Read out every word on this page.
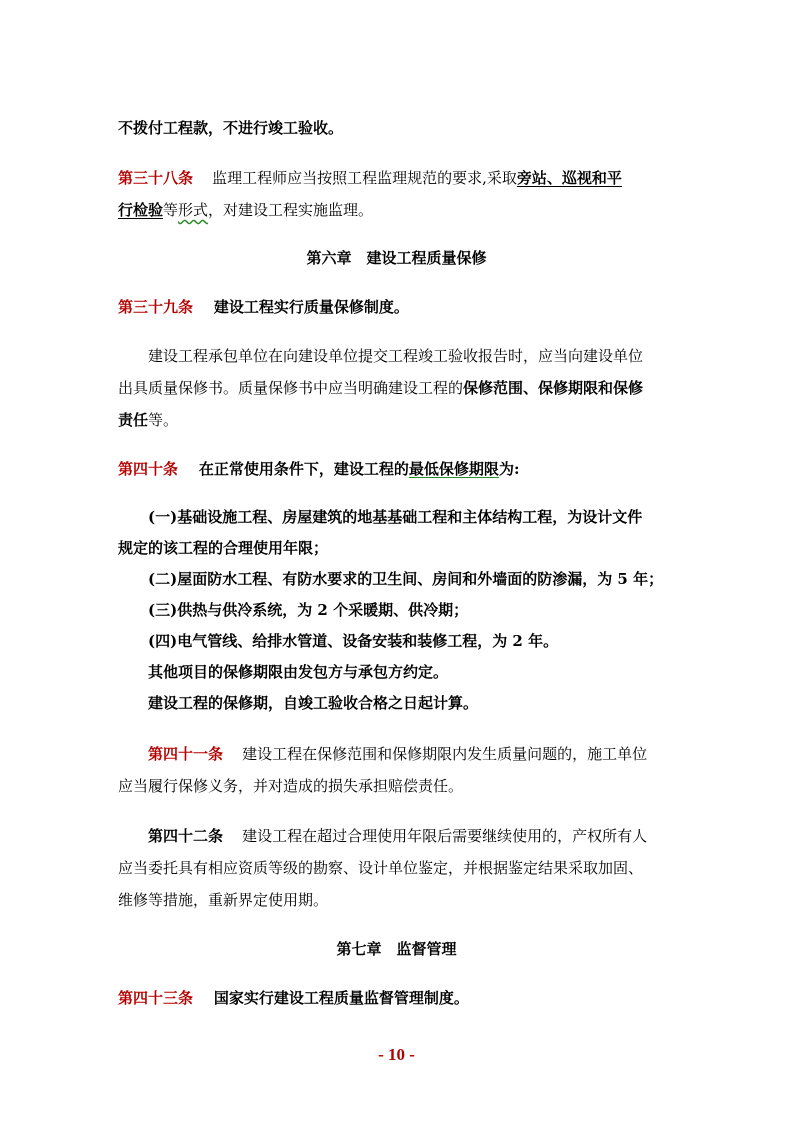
不拨付工程款，不进行竣工验收。
第三十八条 监理工程师应当按照工程监理规范的要求,采取旁站、巡视和平
行检验等形式，对建设工程实施监理。
第六章　建设工程质量保修
第三十九条 建设工程实行质量保修制度。
建设工程承包单位在向建设单位提交工程竣工验收报告时，应当向建设单位
出具质量保修书。质量保修书中应当明确建设工程的保修范围、保修期限和保修
责任等。
第四十条 在正常使用条件下，建设工程的最低保修期限为:
(一)基础设施工程、房屋建筑的地基基础工程和主体结构工程，为设计文件
规定的该工程的合理使用年限；
(二)屋面防水工程、有防水要求的卫生间、房间和外墙面的防渗漏，为 5 年；
(三)供热与供冷系统，为 2 个采暖期、供冷期；
(四)电气管线、给排水管道、设备安装和装修工程，为 2 年。
其他项目的保修期限由发包方与承包方约定。
建设工程的保修期，自竣工验收合格之日起计算。
第四十一条 建设工程在保修范围和保修期限内发生质量问题的，施工单位
应当履行保修义务，并对造成的损失承担赔偿责任。
第四十二条 建设工程在超过合理使用年限后需要继续使用的，产权所有人
应当委托具有相应资质等级的勘察、设计单位鉴定，并根据鉴定结果采取加固、
维修等措施，重新界定使用期。
第七章　监督管理
第四十三条 国家实行建设工程质量监督管理制度。
- 10 -
